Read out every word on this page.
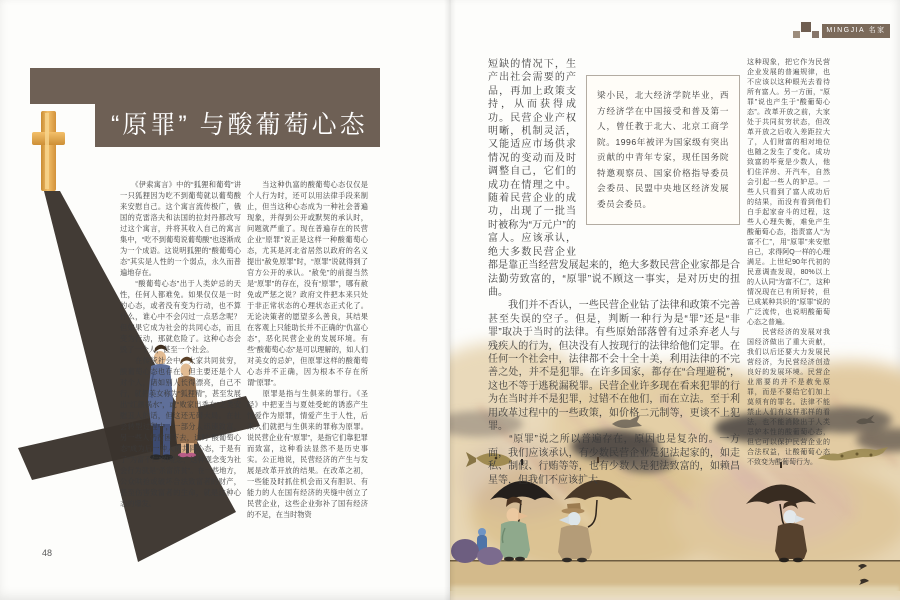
“原罪” 与酸葡萄心态

　　《伊索寓言》中的“狐狸和葡萄”讲一只狐狸因为吃不到葡萄就以葡萄酸来安慰自己。这个寓言流传极广，俄国的克雷洛夫和法国的拉封丹都改写过这个寓言，并将其收入自己的寓言集中，“吃不到葡萄说葡萄酸”也逐渐成为一个成语。这说明狐狸的“酸葡萄心态”其实是人性的一个弱点，永久而普遍地存在。

　　“酸葡萄心态”出于人类妒忌的天性，任何人都难免。如果仅仅是一时的心态，或者没有变为行动，也不算什么，谁心中不会闪过一点恶念呢？但如果它成为社会的共同心态，而且变为行动，那就危险了。这种心态会毁了一个人，甚至一个社会。

　　在传统社会中，大家共同贫穷，酸葡萄心态也存在，但主要还是个人对个人，诸如别人长得漂亮，自己不行，就把美女称为“狐狸精”，甚至发展出“红颜祸水”，或“败家出秀女”之类安慰丑人的话，但这还无碍大局。在社会转型过程中，一部分人迅速致富，另一些人仍贫困下去，这时“酸葡萄心态”成为后一种人的共同心态，于是有了“为富不仁”的观念，这种观念变为社会行为就是“杀富济贫”。在一些地方，公众哄抢或破坏合法致富者的财产，甚至伤害致富者的生命，就是这种心态的爆发。

　　当这种仇富的酸葡萄心态仅仅是个人行为时，还可以用法律手段来制止，但当这种心态成为一种社会普遍现象，并得到公开或默契的承认时，问题就严重了。现在普遍存在的民营企业“原罪”说正是这样一种酸葡萄心态，尤其是河北省居然以政府的名义提出“赦免原罪”时，“原罪”说就得到了官方公开的承认。“赦免”的前提当然是“原罪”的存在，没有“原罪”，哪有赦免或严惩之说？政府文件把本来只处于非正常状态的心理状态正式化了。无论决策者的愿望多么善良，其结果在客观上只能助长并不正确的“仇富心态”，恶化民营企业的发展环境。有些“酸葡萄心态”是可以理解的，如人们对美女的忌妒，但原罪这样的酸葡萄心态并不正确，因为根本不存在所谓“原罪”。

　　原罪是指与生俱来的罪行。《圣经》中把亚当与夏娃受蛇的诱惑产生情爱作为原罪，情爱产生于人性，后来人们就把与生俱来的罪称为原罪。说民营企业有“原罪”，是指它们靠犯罪而致富，这种看法显然不是历史事实。公正地说，民营经济的产生与发展是改革开放的结果。在改革之初，一些能及时抓住机会而又有胆识、有能力的人在国有经济的夹缝中创立了民营企业，这些企业弥补了国有经济的不足，在当时物资

48
MINGJIA 名家

梁小民，北大经济学院毕业，西方经济学在中国接受和普及第一人，曾任教于北大、北京工商学院。1996年被评为国家级有突出贡献的中青年专家，现任国务院特邀观察员、国家价格指导委员会委员、民盟中央地区经济发展委员会委员。

短缺的情况下，生产出社会需要的产品，再加上政策支持，从而获得成功。民营企业产权明晰，机制灵活，又能适应市场供求情况的变动而及时调整自己，它们的成功在情理之中。随着民营企业的成功，出现了一批当时被称为“万元户”的富人。应该承认，绝大多数民营企业都是靠正当经营发展起来的，绝大多数民营企业家都是合法勤劳致富的，“原罪”说不顾这一事实，是对历史的扭曲。

　　我们并不否认，一些民营企业钻了法律和政策不完善甚至失误的空子。但是，判断一种行为是“罪”还是“非罪”取决于当时的法律。有些原始部落曾有过杀弃老人与残疾人的行为，但决没有人按现行的法律给他们定罪。在任何一个社会中，法律都不会十全十美，利用法律的不完善之处，并不是犯罪。在许多国家，都存在“合理避税”，这也不等于逃税漏税罪。民营企业许多现在看来犯罪的行为在当时并不是犯罪，过错不在他们，而在立法。至于利用改革过程中的一些政策，如价格二元制等，更谈不上犯罪。

　　“原罪”说之所以普遍存在，原因也是复杂的。一方面，我们应该承认，有少数民营企业是犯法起家的，如走私、制假、行贿等等，也有少数人是犯法致富的，如赖昌星等，但我们不应该扩大

这种现象，把它作为民营企业发展的普遍规律，也不应该以这种眼光去看待所有富人。另一方面，“原罪”说也产生于“酸葡萄心态”。改革开放之前，大家处于共同贫穷状态，但改革开放之后收入差距拉大了，人们财富的相对地位也随之发生了变化。成功致富的毕竟是少数人，他们住洋房、开汽车，自然会引起一些人的妒忌。一些人只看到了富人成功后的结果，而没有看到他们白手起家奋斗的过程，这些人心理失衡，难免产生酸葡萄心态，指责富人“为富不仁”，用“原罪”来安慰自己，求得阿Q一样的心理满足。上世纪90年代初的民意调查发现，80%以上的人认同“为富不仁”，这种情况现在已有所好转，但已成某种共识的“原罪”说的广泛流传，也说明酸葡萄心态之普遍。

　　民营经济的发展对我国经济做出了重大贡献，我们以后还要大力发展民营经济，为民营经济创造良好的发展环境。民营企业需要的并不是赦免原罪，而是不要给它们加上莫须有的罪名。法律不能禁止人们有这样那样的看法，也不能消除出于人类忌妒本性的酸葡萄心态，但它可以保护民营企业的合法权益，让酸葡萄心态不致变为酸葡萄行为。
